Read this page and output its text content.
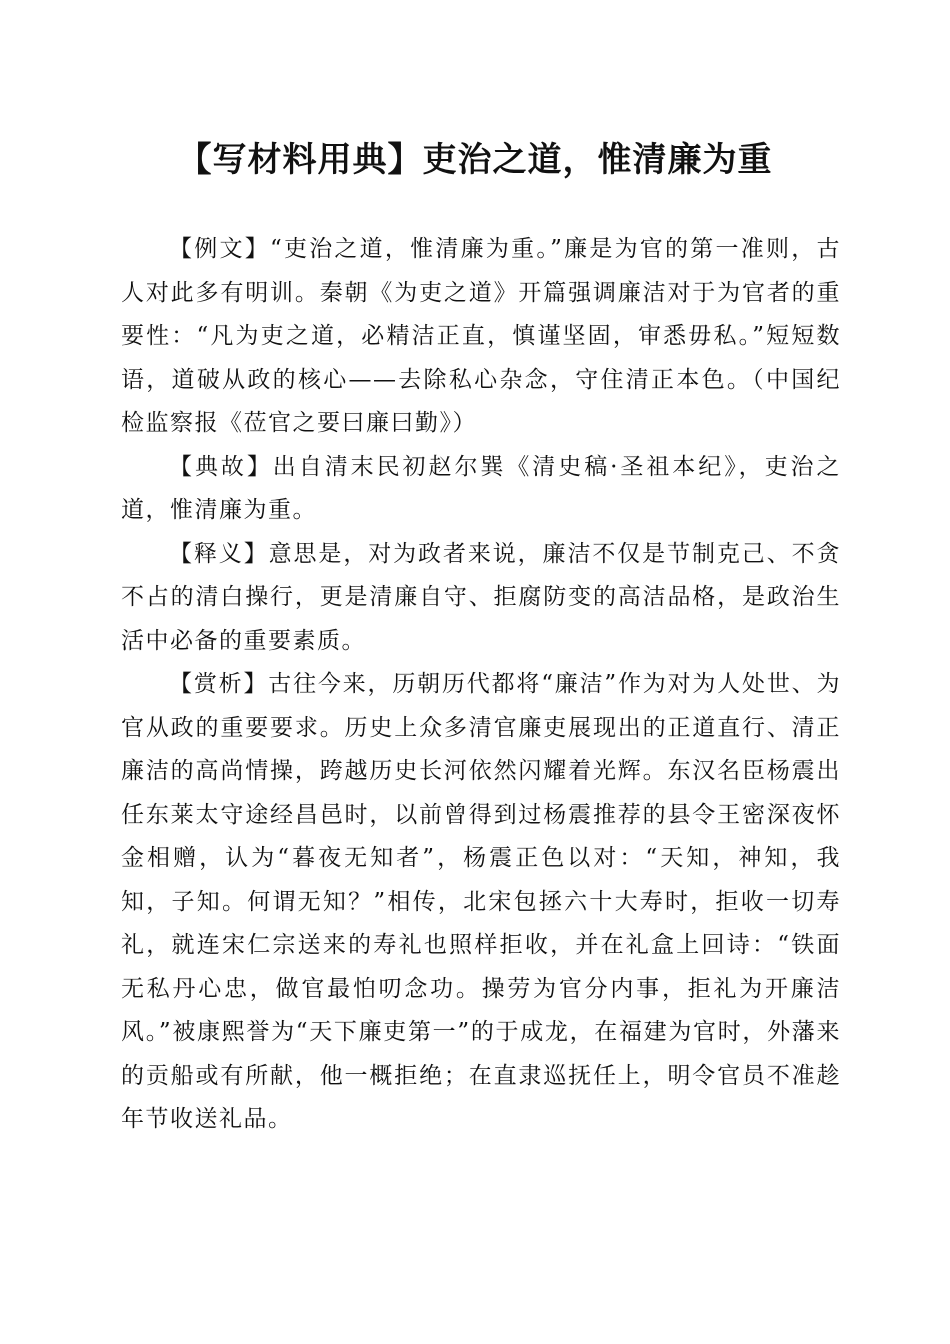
【写材料用典】吏治之道，惟清廉为重

【例文】“吏治之道，惟清廉为重。”廉是为官的第一准则，古人对此多有明训。秦朝《为吏之道》开篇强调廉洁对于为官者的重要性：“凡为吏之道，必精洁正直，慎谨坚固，审悉毋私。”短短数语，道破从政的核心——去除私心杂念，守住清正本色。（中国纪检监察报《莅官之要曰廉曰勤》）

【典故】出自清末民初赵尔巽《清史稿·圣祖本纪》，吏治之道，惟清廉为重。

【释义】意思是，对为政者来说，廉洁不仅是节制克己、不贪不占的清白操行，更是清廉自守、拒腐防变的高洁品格，是政治生活中必备的重要素质。

【赏析】古往今来，历朝历代都将“廉洁”作为对为人处世、为官从政的重要要求。历史上众多清官廉吏展现出的正道直行、清正廉洁的高尚情操，跨越历史长河依然闪耀着光辉。东汉名臣杨震出任东莱太守途经昌邑时，以前曾得到过杨震推荐的县令王密深夜怀金相赠，认为“暮夜无知者”，杨震正色以对：“天知，神知，我知，子知。何谓无知？”相传，北宋包拯六十大寿时，拒收一切寿礼，就连宋仁宗送来的寿礼也照样拒收，并在礼盒上回诗：“铁面无私丹心忠，做官最怕叨念功。操劳为官分内事，拒礼为开廉洁风。”被康熙誉为“天下廉吏第一”的于成龙，在福建为官时，外藩来的贡船或有所献，他一概拒绝；在直隶巡抚任上，明令官员不准趁年节收送礼品。
